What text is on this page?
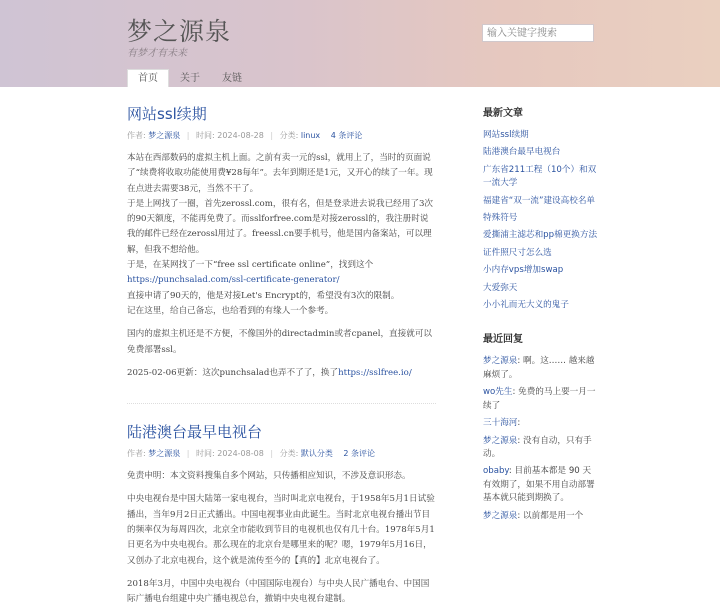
梦之源泉
有梦才有未来
输入关键字搜索
首页	关于	友链
网站ssl续期
作者: 梦之源泉 | 时间: 2024-08-28 | 分类: linux 4 条评论
本站在西部数码的虚拟主机上面。之前有卖一元的ssl，就用上了，当时的页面说了“续费将收取功能使用费¥28每年”。去年到期还是1元，又开心的续了一年。现在点进去需要38元，当然不干了。
于是上网找了一圈，首先zerossl.com，很有名，但是登录进去说我已经用了3次的90天额度，不能再免费了。而sslforfree.com是对接zerossl的，我注册时说我的邮件已经在zerossl用过了。freessl.cn要手机号，他是国内备案站，可以理解，但我不想给他。
于是，在某网找了一下“free ssl certificate online”，找到这个
https://punchsalad.com/ssl-certificate-generator/
直接申请了90天的，他是对接Let's Encrypt的，希望没有3次的限制。
记在这里，给自己备忘，也给看到的有缘人一个参考。
国内的虚拟主机还是不方便，不像国外的directadmin或者cpanel，直接就可以免费部署ssl。
2025-02-06更新：这次punchsalad也弄不了了，换了https://sslfree.io/
陆港澳台最早电视台
作者: 梦之源泉 | 时间: 2024-08-08 | 分类: 默认分类 2 条评论
免责申明：本文资料搜集自多个网站，只传播相应知识，不涉及意识形态。
中央电视台是中国大陆第一家电视台，当时叫北京电视台，于1958年5月1日试验播出，当年9月2日正式播出。中国电视事业由此诞生。当时北京电视台播出节目的频率仅为每周四次，北京全市能收到节目的电视机也仅有几十台。1978年5月1日更名为中央电视台。那么现在的北京台是哪里来的呢？嗯，1979年5月16日，又创办了北京电视台，这个就是流传至今的【真的】北京电视台了。
2018年3月，中国中央电视台（中国国际电视台）与中央人民广播电台、中国国际广播电台组建中央广播电视总台，撤销中央电视台建制。
最新文章
网站ssl续期
陆港澳台最早电视台
广东省211工程（10个）和双一流大学
福建省“双一流”建设高校名单
特殊符号
爱撕浦主滤芯和pp棉更换方法
证件照尺寸怎么选
小内存vps增加swap
大爱弥天
小小礼而无大义的鬼子
最近回复
梦之源泉: 啊。这…… 越来越麻烦了。
wo先生: 免费的马上要一月一续了
三十海河:
梦之源泉: 没有自动，只有手动。
obaby: 目前基本都是 90 天有效期了，如果不用自动部署基本就只能到期换了。
梦之源泉: 以前都是用一个
